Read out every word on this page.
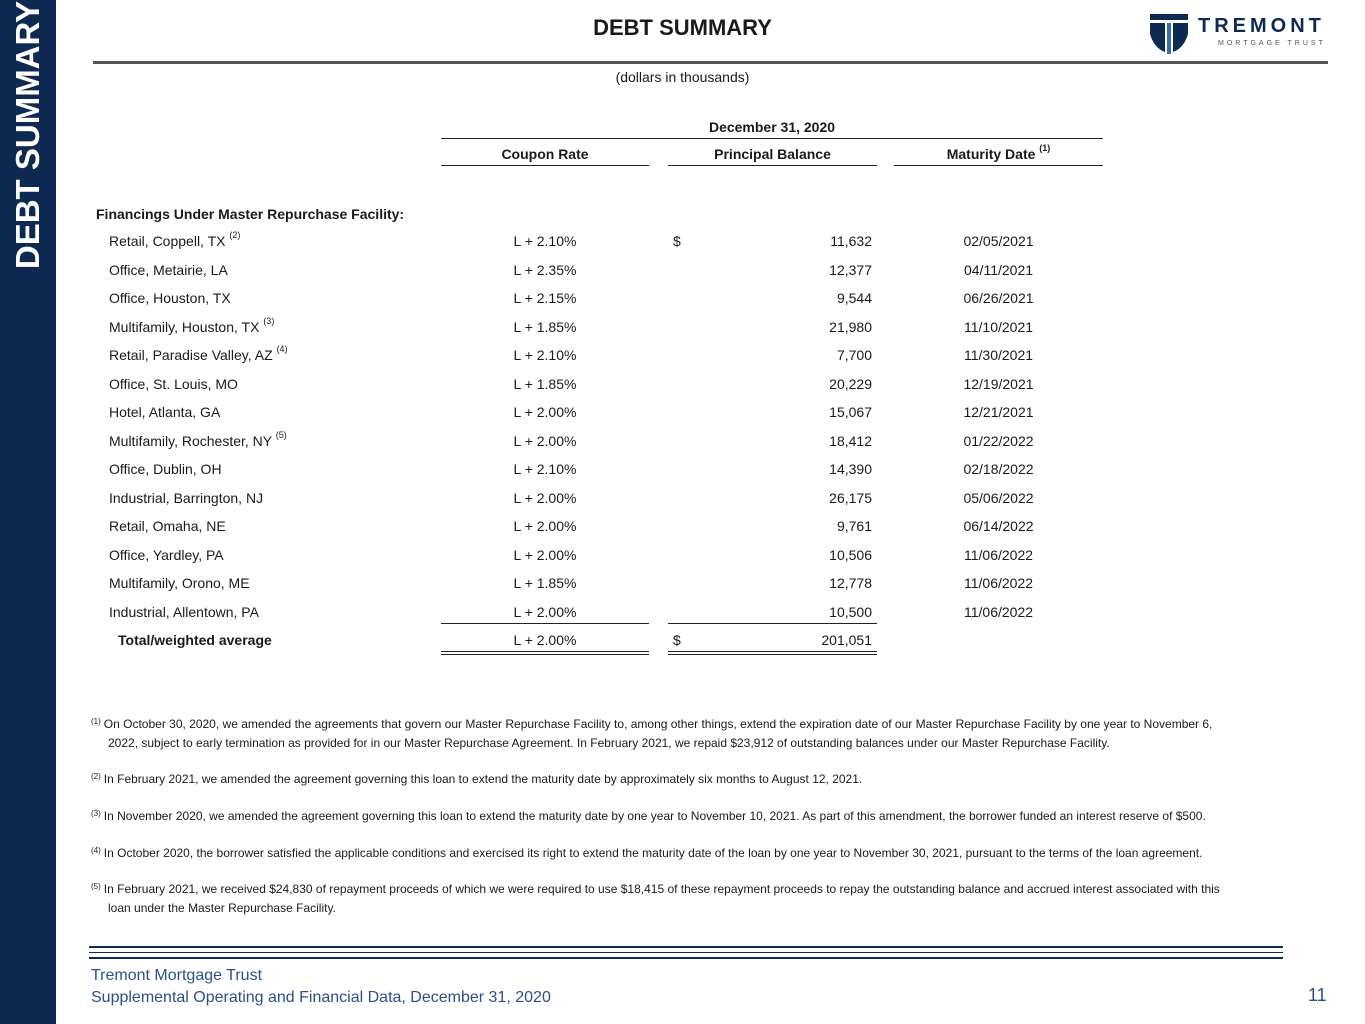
DEBT SUMMARY	DEBT SUMMARY	TREMONT
MORTGAGE TRUST
(dollars in thousands)
December 31, 2020
Coupon Rate	Principal Balance	Maturity Date $^{(1)}$
Financings Under Master Repurchase Facility:
Retail, Coppell, TX $^{(2)}$	L + 2.10%	$	11,632	02/05/2021
Office, Metairie, LA	L + 2.35%	12,377	04/11/2021
Office, Houston, TX	L + 2.15%	9,544	06/26/2021
Multifamily, Houston, TX $^{(3)}$	L + 1.85%	21,980	11/10/2021
Retail, Paradise Valley, AZ $^{(4)}$	L + 2.10%	7,700	11/30/2021
Office, St. Louis, MO	L + 1.85%	20,229	12/19/2021
Hotel, Atlanta, GA	L + 2.00%	15,067	12/21/2021
Multifamily, Rochester, NY $^{(5)}$	L + 2.00%	18,412	01/22/2022
Office, Dublin, OH	L + 2.10%	14,390	02/18/2022
Industrial, Barrington, NJ	L + 2.00%	26,175	05/06/2022
Retail, Omaha, NE	L + 2.00%	9,761	06/14/2022
Office, Yardley, PA	L + 2.00%	10,506	11/06/2022
Multifamily, Orono, ME	L + 1.85%	12,778	11/06/2022
Industrial, Allentown, PA	L + 2.00%	10,500	11/06/2022
Total/weighted average	L + 2.00%	$	201,051
$^{(1)}$ On October 30, 2020, we amended the agreements that govern our Master Repurchase Facility to, among other things, extend the expiration date of our Master Repurchase Facility by one year to November 6,
2022, subject to early termination as provided for in our Master Repurchase Agreement. In February 2021, we repaid $23,912 of outstanding balances under our Master Repurchase Facility.
$^{(2)}$ In February 2021, we amended the agreement governing this loan to extend the maturity date by approximately six months to August 12, 2021.
$^{(3)}$ In November 2020, we amended the agreement governing this loan to extend the maturity date by one year to November 10, 2021. As part of this amendment, the borrower funded an interest reserve of $500.
$^{(4)}$ In October 2020, the borrower satisfied the applicable conditions and exercised its right to extend the maturity date of the loan by one year to November 30, 2021, pursuant to the terms of the loan agreement.
$^{(5)}$ In February 2021, we received $24,830 of repayment proceeds of which we were required to use $18,415 of these repayment proceeds to repay the outstanding balance and accrued interest associated with this
loan under the Master Repurchase Facility.
Tremont Mortgage Trust
Supplemental Operating and Financial Data, December 31, 2020	11
